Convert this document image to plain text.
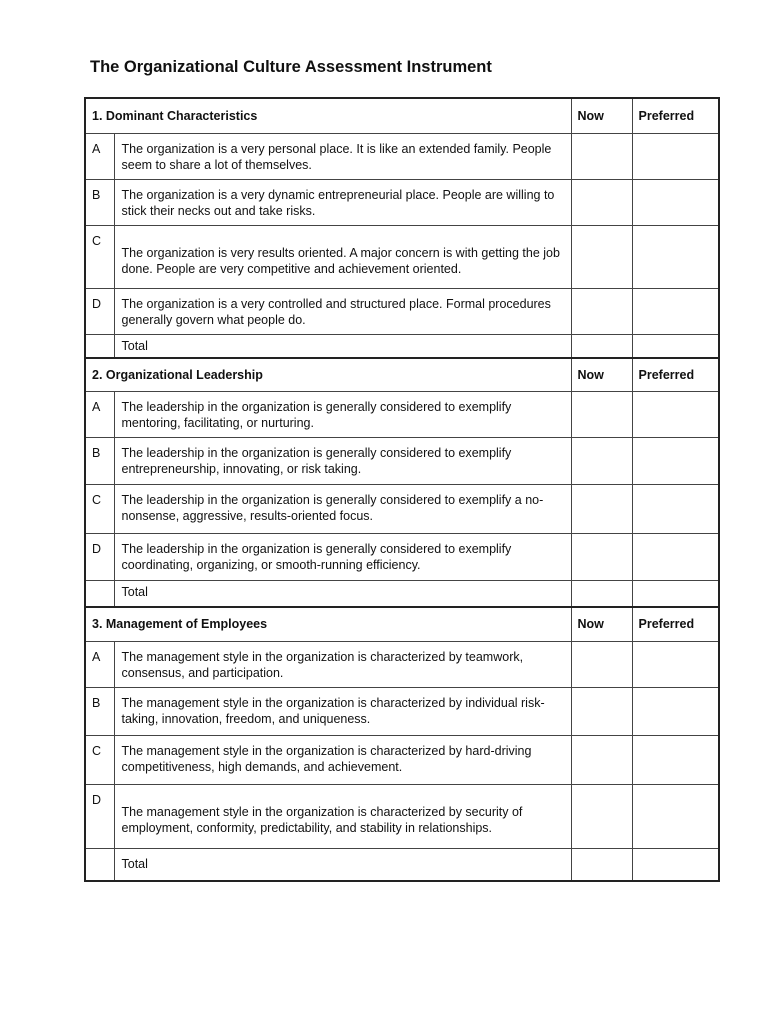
The Organizational Culture Assessment Instrument
1. Dominant Characteristics		Now	Preferred
A	The organization is a very personal place. It is like an extended family. People seem to share a lot of themselves.		
B	The organization is a very dynamic entrepreneurial place. People are willing to stick their necks out and take risks.		
C	The organization is very results oriented. A major concern is with getting the job done. People are very competitive and achievement oriented.		
D	The organization is a very controlled and structured place. Formal procedures generally govern what people do.		
	Total		
2. Organizational Leadership		Now	Preferred
A	The leadership in the organization is generally considered to exemplify mentoring, facilitating, or nurturing.		
B	The leadership in the organization is generally considered to exemplify entrepreneurship, innovating, or risk taking.		
C	The leadership in the organization is generally considered to exemplify a no-nonsense, aggressive, results-oriented focus.		
D	The leadership in the organization is generally considered to exemplify coordinating, organizing, or smooth-running efficiency.		
	Total		
3. Management of Employees		Now	Preferred
A	The management style in the organization is characterized by teamwork, consensus, and participation.		
B	The management style in the organization is characterized by individual risk-taking, innovation, freedom, and uniqueness.		
C	The management style in the organization is characterized by hard-driving competitiveness, high demands, and achievement.		
D	The management style in the organization is characterized by security of employment, conformity, predictability, and stability in relationships.		
	Total		
